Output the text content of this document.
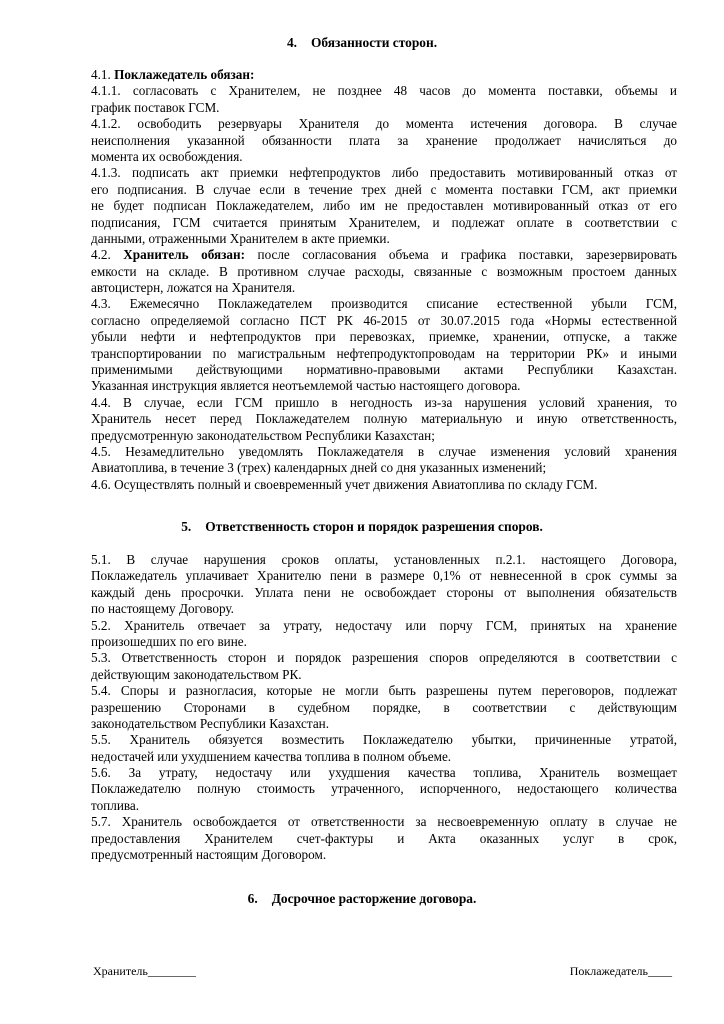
4. Обязанности сторон.
4.1. Поклажедатель обязан:
4.1.1. согласовать с Хранителем, не позднее 48 часов до момента поставки, объемы и
график поставок ГСМ.
4.1.2. освободить резервуары Хранителя до момента истечения договора. В случае
неисполнения указанной обязанности плата за хранение продолжает начисляться до
момента их освобождения.
4.1.3. подписать акт приемки нефтепродуктов либо предоставить мотивированный отказ от
его подписания. В случае если в течение трех дней с момента поставки ГСМ, акт приемки
не будет подписан Поклажедателем, либо им не предоставлен мотивированный отказ от его
подписания, ГСМ считается принятым Хранителем, и подлежат оплате в соответствии с
данными, отраженными Хранителем в акте приемки.
4.2. Хранитель обязан: после согласования объема и графика поставки, зарезервировать
емкости на складе. В противном случае расходы, связанные с возможным простоем данных
автоцистерн, ложатся на Хранителя.
4.3. Ежемесячно Поклажедателем производится списание естественной убыли ГСМ,
согласно определяемой согласно ПСТ РК 46-2015 от 30.07.2015 года «Нормы естественной
убыли нефти и нефтепродуктов при перевозках, приемке, хранении, отпуске, а также
транспортировании по магистральным нефтепродуктопроводам на территории РК» и иными
применимыми действующими нормативно-правовыми актами Республики Казахстан.
Указанная инструкция является неотъемлемой частью настоящего договора.
4.4. В случае, если ГСМ пришло в негодность из-за нарушения условий хранения, то
Хранитель несет перед Поклажедателем полную материальную и иную ответственность,
предусмотренную законодательством Республики Казахстан;
4.5. Незамедлительно уведомлять Поклажедателя в случае изменения условий хранения
Авиатоплива, в течение 3 (трех) календарных дней со дня указанных изменений;
4.6. Осуществлять полный и своевременный учет движения Авиатоплива по складу ГСМ.
5. Ответственность сторон и порядок разрешения споров.
5.1. В случае нарушения сроков оплаты, установленных п.2.1. настоящего Договора,
Поклажедатель уплачивает Хранителю пени в размере 0,1% от невнесенной в срок суммы за
каждый день просрочки. Уплата пени не освобождает стороны от выполнения обязательств
по настоящему Договору.
5.2. Хранитель отвечает за утрату, недостачу или порчу ГСМ, принятых на хранение
произошедших по его вине.
5.3. Ответственность сторон и порядок разрешения споров определяются в соответствии с
действующим законодательством РК.
5.4. Споры и разногласия, которые не могли быть разрешены путем переговоров, подлежат
разрешению Сторонами в судебном порядке, в соответствии с действующим
законодательством Республики Казахстан.
5.5. Хранитель обязуется возместить Поклажедателю убытки, причиненные утратой,
недостачей или ухудшением качества топлива в полном объеме.
5.6. За утрату, недостачу или ухудшения качества топлива, Хранитель возмещает
Поклажедателю полную стоимость утраченного, испорченного, недостающего количества
топлива.
5.7. Хранитель освобождается от ответственности за несвоевременную оплату в случае не
предоставления Хранителем счет-фактуры и Акта оказанных услуг в срок,
предусмотренный настоящим Договором.
6. Досрочное расторжение договора.
Хранитель________	Поклажедатель____
